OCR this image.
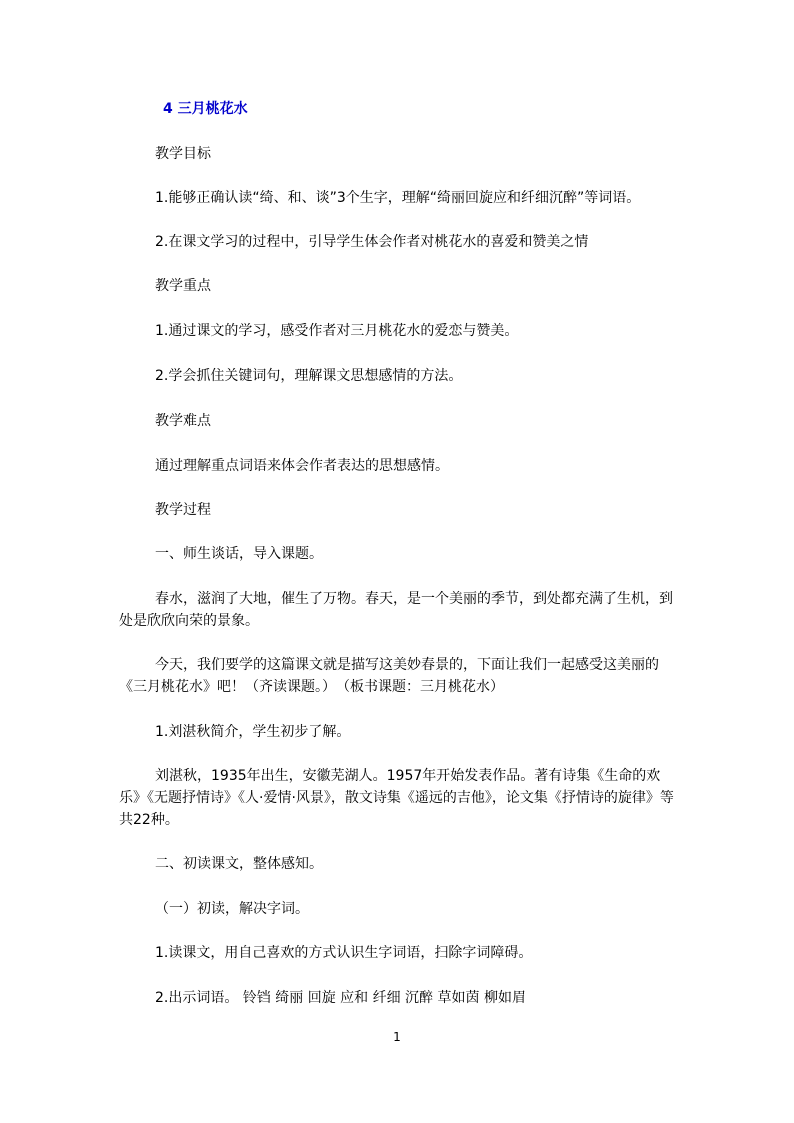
4 三月桃花水
教学目标
1.能够正确认读“绮、和、谈”3个生字，理解“绮丽回旋应和纤细沉醉”等词语。
2.在课文学习的过程中，引导学生体会作者对桃花水的喜爱和赞美之情
教学重点
1.通过课文的学习，感受作者对三月桃花水的爱恋与赞美。
2.学会抓住关键词句，理解课文思想感情的方法。
教学难点
通过理解重点词语来体会作者表达的思想感情。
教学过程
一、师生谈话，导入课题。
春水，滋润了大地，催生了万物。春天，是一个美丽的季节，到处都充满了生机，到处是欣欣向荣的景象。
今天，我们要学的这篇课文就是描写这美妙春景的，下面让我们一起感受这美丽的《三月桃花水》吧！（齐读课题。）　（板书课题：三月桃花水）
1.刘湛秋简介，学生初步了解。
刘湛秋，1935年出生，安徽芜湖人。1957年开始发表作品。著有诗集《生命的欢乐》《无题抒情诗》《人·爱情·风景》，散文诗集《遥远的吉他》，论文集《抒情诗的旋律》等共22种。
二、初读课文，整体感知。
（一）初读，解决字词。
1.读课文，用自己喜欢的方式认识生字词语，扫除字词障碍。
2.出示词语。 铃铛 绮丽 回旋 应和 纤细 沉醉 草如茵 柳如眉
1
